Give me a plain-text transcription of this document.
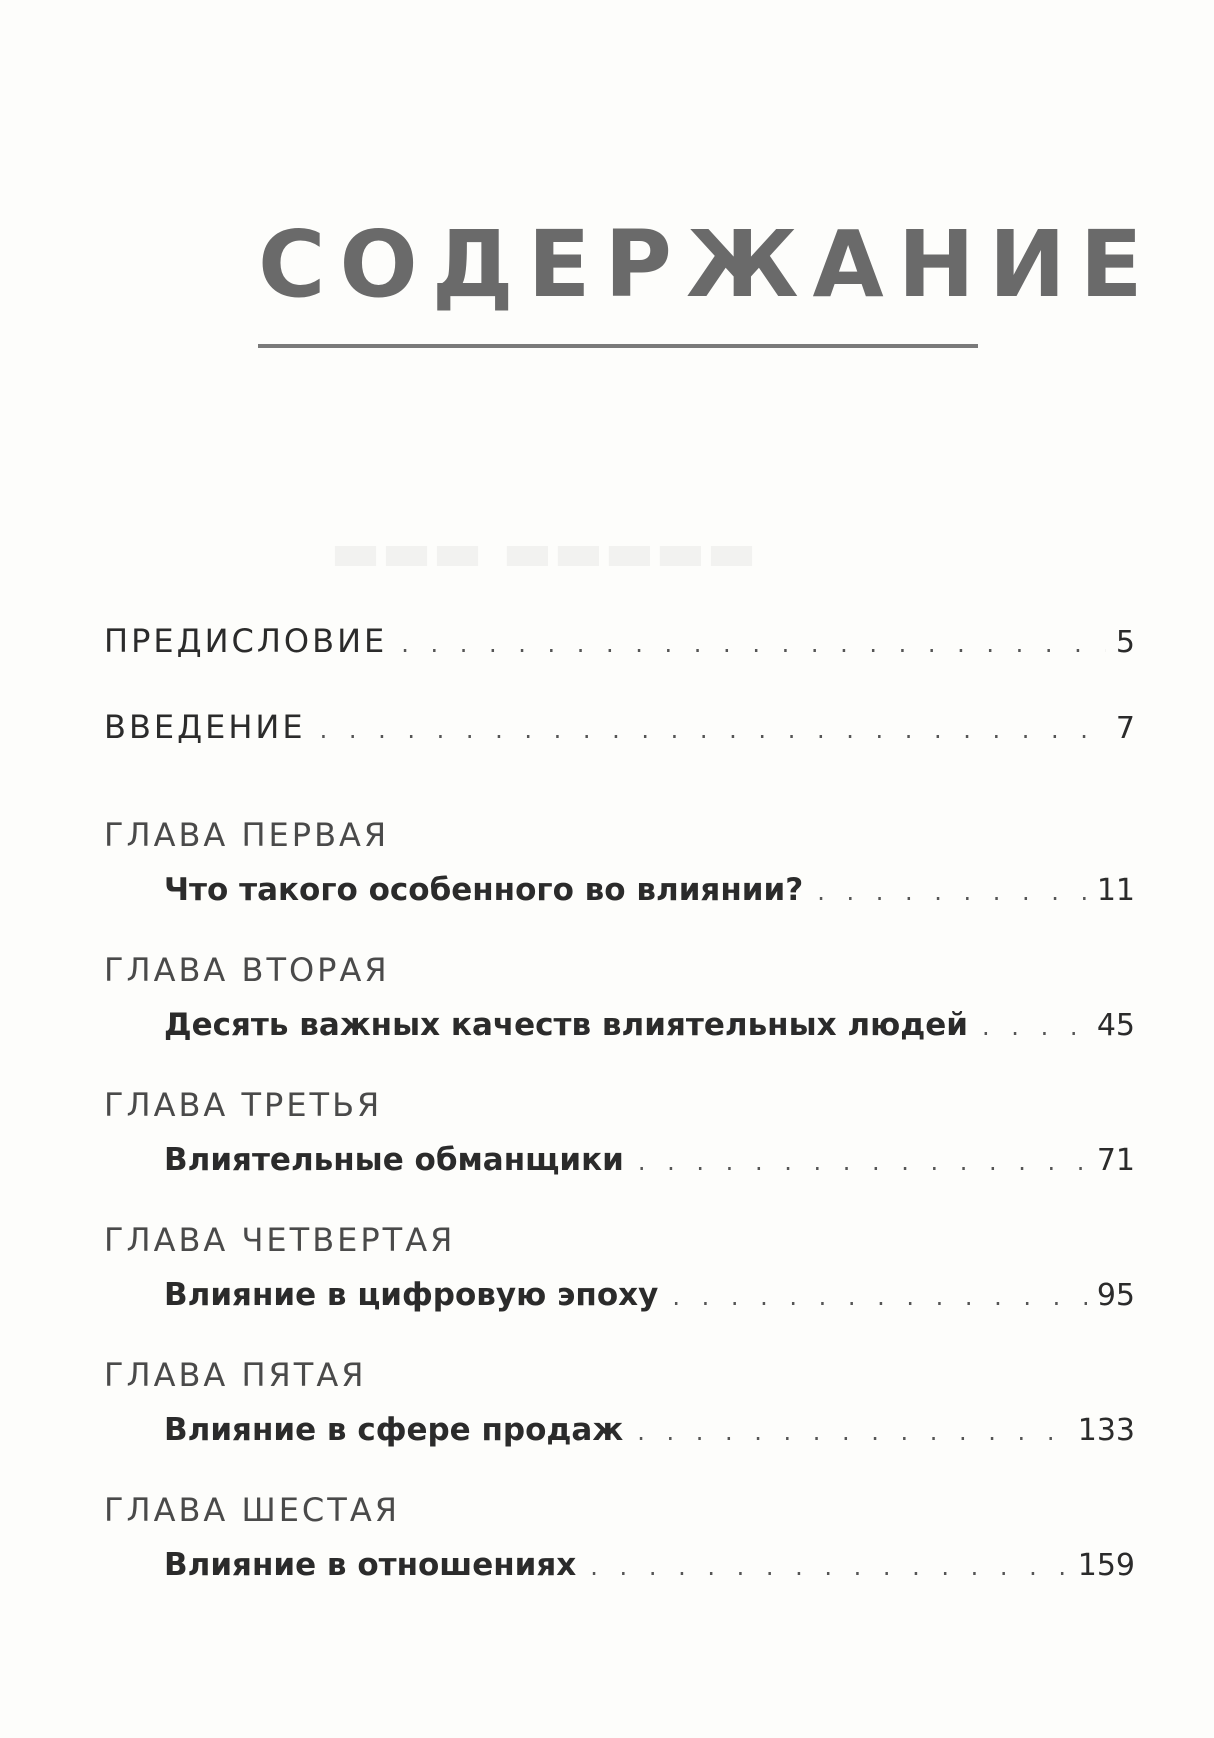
СОДЕРЖАНИЕ
ПРЕДИСЛОВИЕ . . .	5
ВВЕДЕНИЕ . . .	7
ГЛАВА ПЕРВАЯ
Что такого особенного во влиянии? . . .	11
ГЛАВА ВТОРАЯ
Десять важных качеств влиятельных людей . . .	45
ГЛАВА ТРЕТЬЯ
Влиятельные обманщики . . .	71
ГЛАВА ЧЕТВЕРТАЯ
Влияние в цифровую эпоху . . .	95
ГЛАВА ПЯТАЯ
Влияние в сфере продаж . . .	133
ГЛАВА ШЕСТАЯ
Влияние в отношениях . . .	159
